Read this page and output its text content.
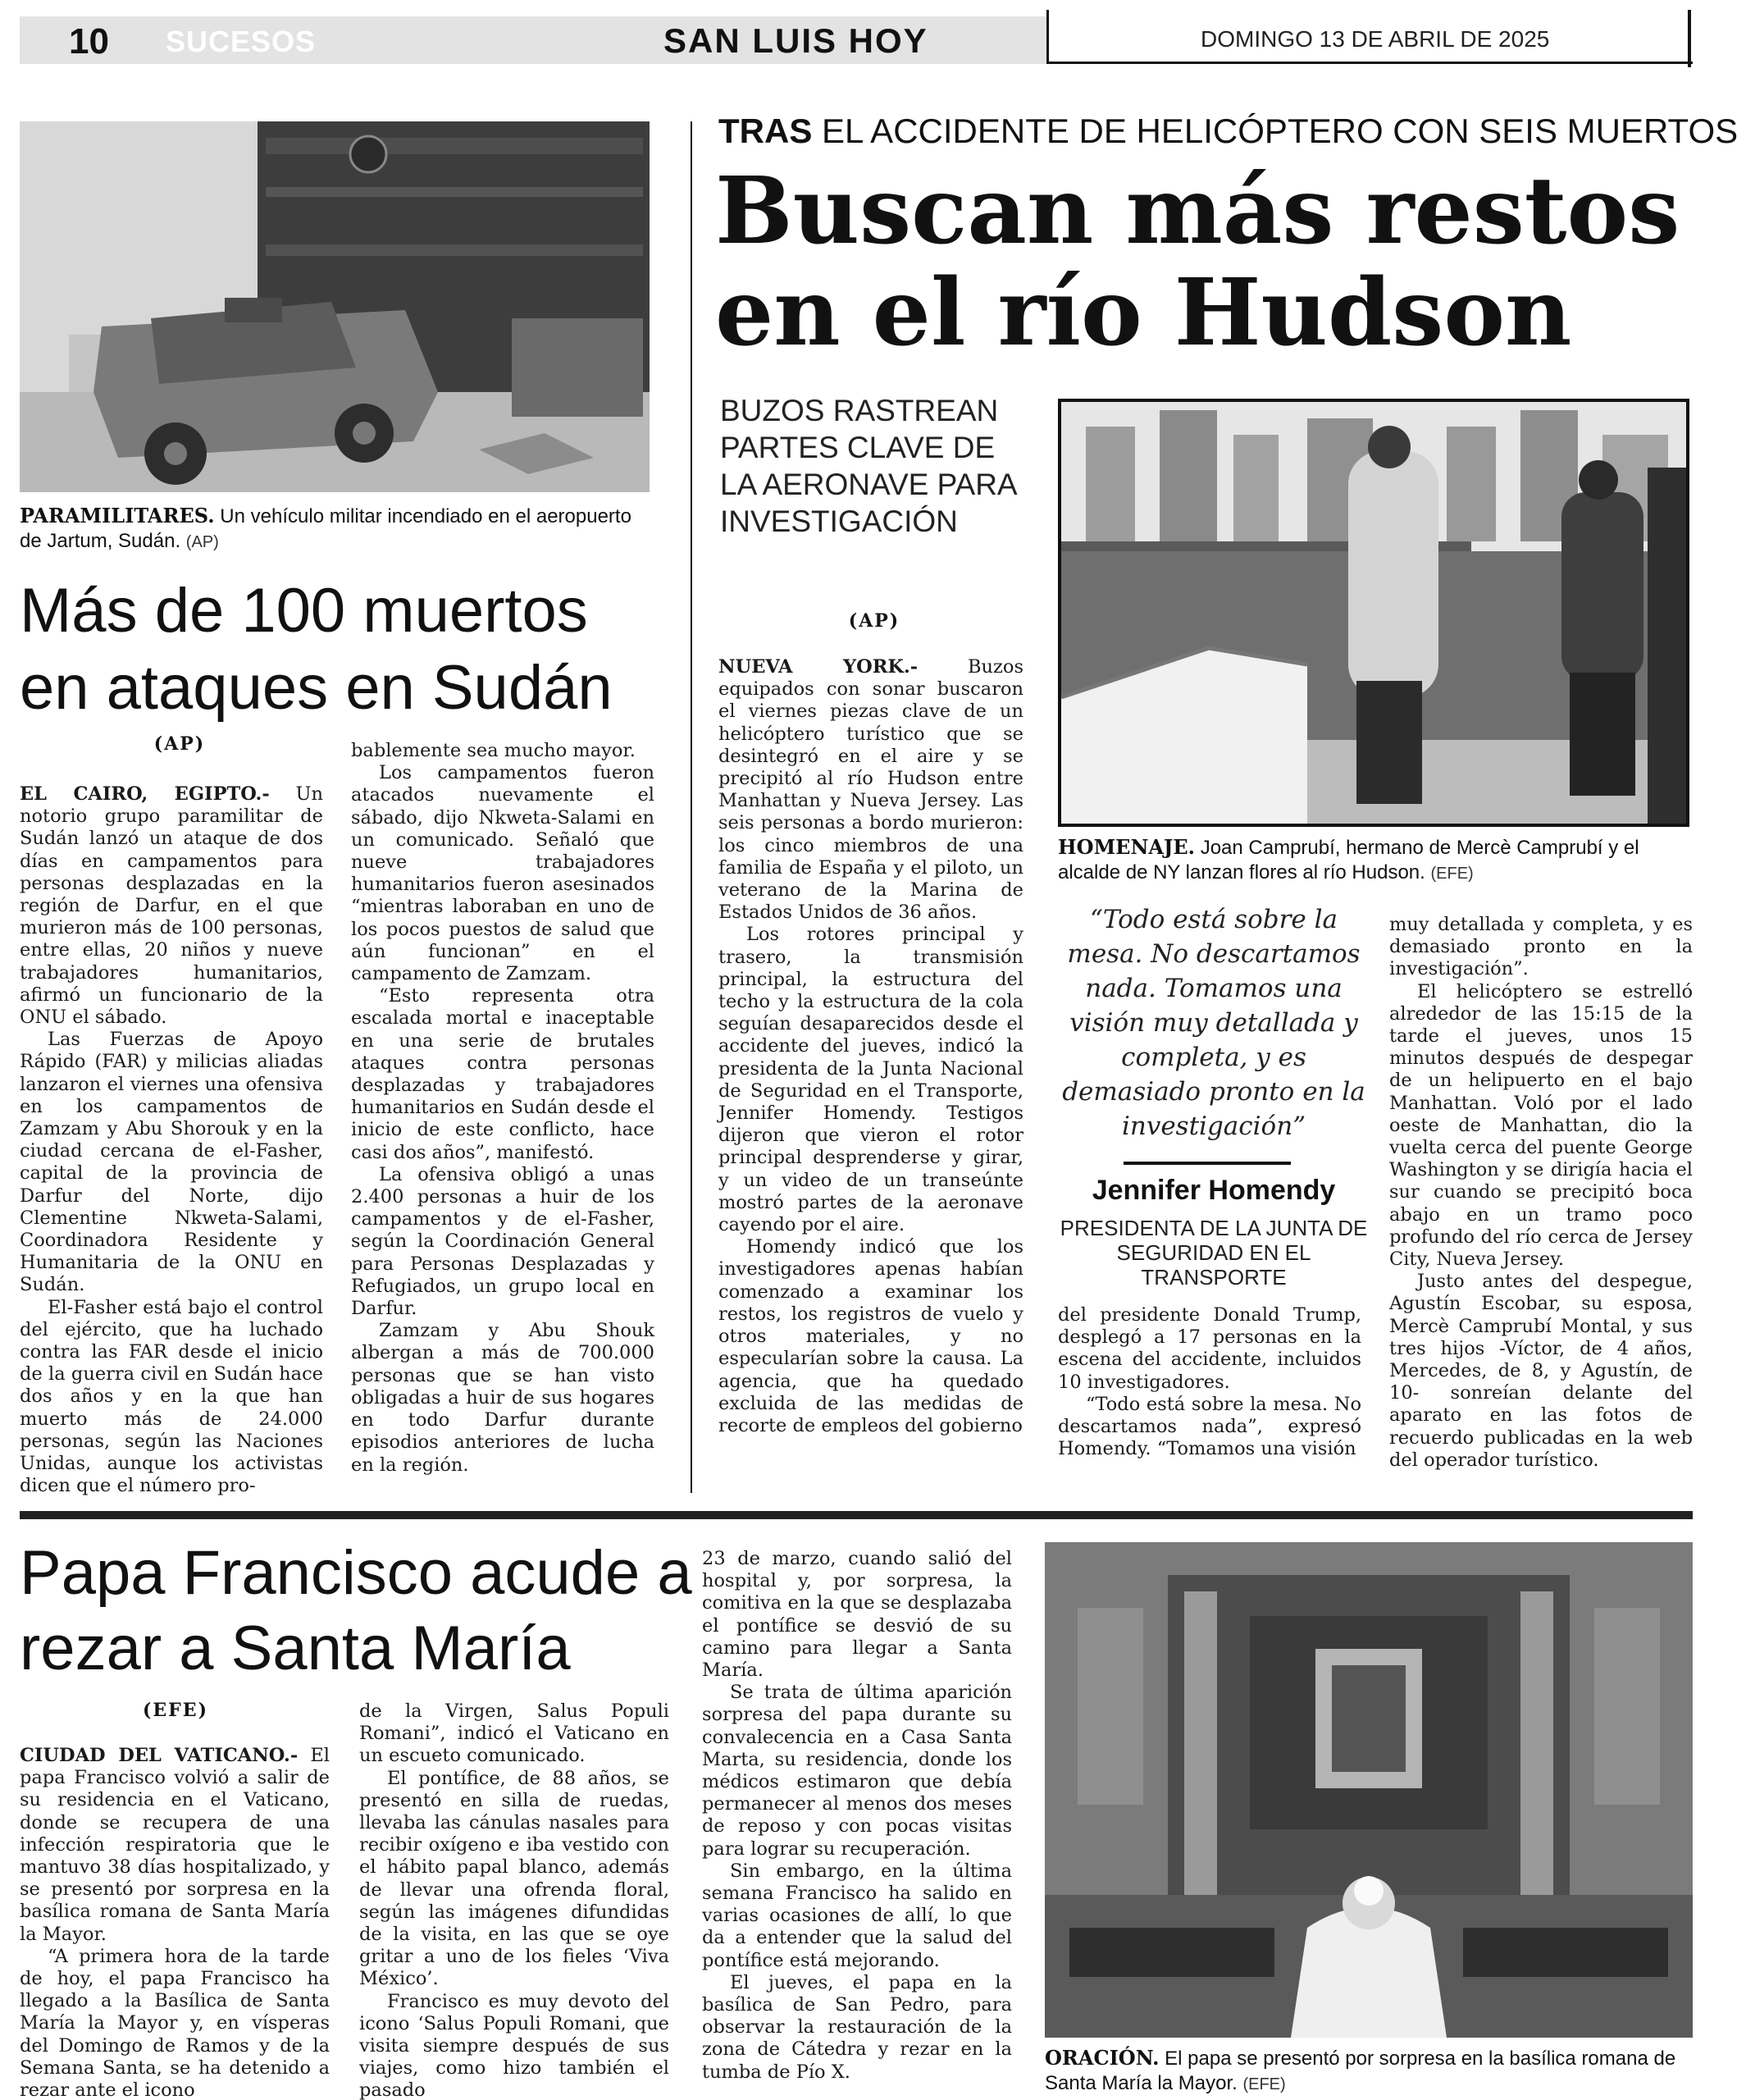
10 SUCESOS	SAN LUIS HOY	DOMINGO 13 DE ABRIL DE 2025
PARAMILITARES. Un vehículo militar incendiado en el aeropuerto de Jartum, Sudán. (AP)
Más de 100 muertos en ataques en Sudán
(AP)

EL CAIRO, EGIPTO.- Un notorio grupo paramilitar de Sudán lanzó un ataque de dos días en campamentos para personas desplazadas en la región de Darfur, en el que murieron más de 100 personas, entre ellas, 20 niños y nueve trabajadores humanitarios, afirmó un funcionario de la ONU el sábado.

Las Fuerzas de Apoyo Rápido (FAR) y milicias aliadas lanzaron el viernes una ofensiva en los campamentos de Zamzam y Abu Shorouk y en la ciudad cercana de el-Fasher, capital de la provincia de Darfur del Norte, dijo Clementine Nkweta-Salami, Coordinadora Residente y Humanitaria de la ONU en Sudán.

El-Fasher está bajo el control del ejército, que ha luchado contra las FAR desde el inicio de la guerra civil en Sudán hace dos años y en la que han muerto más de 24.000 personas, según las Naciones Unidas, aunque los activistas dicen que el número pro-

bablemente sea mucho mayor.

Los campamentos fueron atacados nuevamente el sábado, dijo Nkweta-Salami en un comunicado. Señaló que nueve trabajadores humanitarios fueron asesinados “mientras laboraban en uno de los pocos puestos de salud que aún funcionan” en el campamento de Zamzam.

“Esto representa otra escalada mortal e inaceptable en una serie de brutales ataques contra personas desplazadas y trabajadores humanitarios en Sudán desde el inicio de este conflicto, hace casi dos años”, manifestó.

La ofensiva obligó a unas 2.400 personas a huir de los campamentos y de el-Fasher, según la Coordinación General para Personas Desplazadas y Refugiados, un grupo local en Darfur.

Zamzam y Abu Shouk albergan a más de 700.000 personas que se han visto obligadas a huir de sus hogares en todo Darfur durante episodios anteriores de lucha en la región.

TRAS EL ACCIDENTE DE HELICÓPTERO CON SEIS MUERTOS
Buscan más restos
en el río Hudson
BUZOS RASTREAN PARTES CLAVE DE LA AERONAVE PARA INVESTIGACIÓN
(AP)
HOMENAJE. Joan Camprubí, hermano de Mercè Camprubí y el alcalde de NY lanzan flores al río Hudson. (EFE)

NUEVA YORK.-	Buzos equipados con sonar buscaron el viernes piezas clave de un helicóptero turístico que se desintegró en el aire y se precipitó al río Hudson entre Manhattan y Nueva Jersey. Las seis personas a bordo murieron: los cinco miembros de una familia de España y el piloto, un veterano de la Marina de Estados Unidos de 36 años.

Los rotores principal y trasero, la transmisión principal, la estructura del techo y la estructura de la cola seguían desaparecidos desde el accidente del jueves, indicó la presidenta de la Junta Nacional de Seguridad en el Transporte, Jennifer Homendy. Testigos dijeron que vieron el rotor principal desprenderse y girar, y un video de un transeúnte mostró partes de la aeronave cayendo por el aire.

Homendy indicó que los investigadores apenas habían comenzado a examinar los restos, los registros de vuelo y otros materiales, y no especularían sobre la causa. La agencia, que ha quedado excluida de las medidas de recorte de empleos del gobierno

“Todo está sobre la mesa. No descartamos nada. Tomamos una visión muy detallada y completa, y es demasiado pronto en la investigación”
Jennifer Homendy
PRESIDENTA DE LA JUNTA DE SEGURIDAD EN EL TRANSPORTE

del presidente Donald Trump, desplegó a 17 personas en la escena del accidente, incluidos 10 investigadores.

“Todo está sobre la mesa. No descartamos nada”, expresó Homendy. “Tomamos una visión

muy detallada y completa, y es demasiado pronto en la investigación”.

El helicóptero se estrelló alrededor de las 15:15 de la tarde el jueves, unos 15 minutos después de despegar de un helipuerto en el bajo Manhattan. Voló por el lado oeste de Manhattan, dio la vuelta cerca del puente George Washington y se dirigía hacia el sur cuando se precipitó boca abajo en un tramo poco profundo del río cerca de Jersey City, Nueva Jersey.

Justo antes del despegue, Agustín Escobar, su esposa, Mercè Camprubí Montal, y sus tres hijos -Víctor, de 4 años, Mercedes, de 8, y Agustín, de 10- sonreían delante del aparato en las fotos de recuerdo publicadas en la web del operador turístico.

Papa Francisco acude a rezar a Santa María
(EFE)

CIUDAD DEL VATICANO.- El papa Francisco volvió a salir de su residencia en el Vaticano, donde se recupera de una infección respiratoria que le mantuvo 38 días hospitalizado, y se presentó por sorpresa en la basílica romana de Santa María la Mayor.

“A primera hora de la tarde de hoy, el papa Francisco ha llegado a la Basílica de Santa María la Mayor y, en vísperas del Domingo de Ramos y de la Semana Santa, se ha detenido a rezar ante el icono

de la Virgen, Salus Populi Romani”, indicó el Vaticano en un escueto comunicado.

El pontífice, de 88 años, se presentó en silla de ruedas, llevaba las cánulas nasales para recibir oxígeno e iba vestido con el hábito papal blanco, además de llevar una ofrenda floral, según las imágenes difundidas de la visita, en las que se oye gritar a uno de los fieles ‘Viva México’.

Francisco es muy devoto del icono ‘Salus Populi Romani, que visita siempre después de sus viajes, como hizo también el pasado

23 de marzo, cuando salió del hospital y, por sorpresa, la comitiva en la que se desplazaba el pontífice se desvió de su camino para llegar a Santa María.

Se trata de última aparición sorpresa del papa durante su convalecencia en a Casa Santa Marta, su residencia, donde los médicos estimaron que debía permanecer al menos dos meses de reposo y con pocas visitas para lograr su recuperación.

Sin embargo, en la última semana Francisco ha salido en varias ocasiones de allí, lo que da a entender que la salud del pontífice está mejorando.

El jueves, el papa en la basílica de San Pedro, para observar la restauración de la zona de Cátedra y rezar en la tumba de Pío X.

ORACIÓN. El papa se presentó por sorpresa en la basílica romana de Santa María la Mayor. (EFE)
